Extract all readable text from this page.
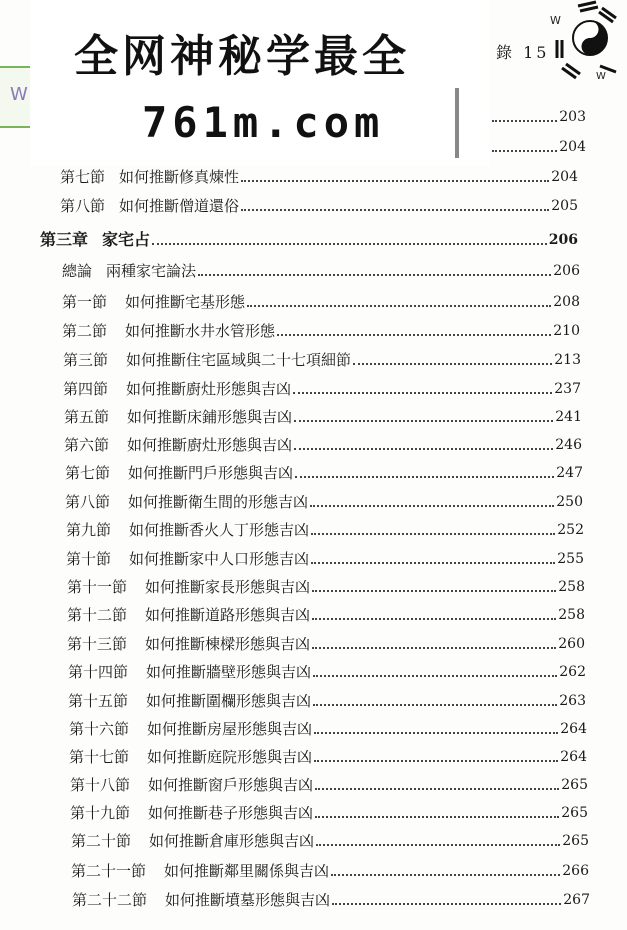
203
204
第七節 如何推斷修真煉性	204
第八節 如何推斷僧道還俗	205
第三章 家宅占	206
總論 兩種家宅論法	206
第一節 如何推斷宅基形態	208
第二節 如何推斷水井水管形態	210
第三節 如何推斷住宅區域與二十七項細節	213
第四節 如何推斷廚灶形態與吉凶	237
第五節 如何推斷床鋪形態與吉凶	241
第六節 如何推斷廚灶形態與吉凶	246
第七節 如何推斷門戶形態與吉凶	247
第八節 如何推斷衛生間的形態吉凶	250
第九節 如何推斷香火人丁形態吉凶	252
第十節 如何推斷家中人口形態吉凶	255
第十一節 如何推斷家長形態與吉凶	258
第十二節 如何推斷道路形態與吉凶	258
第十三節 如何推斷棟樑形態與吉凶	260
第十四節 如何推斷牆壁形態與吉凶	262
第十五節 如何推斷圍欄形態與吉凶	263
第十六節 如何推斷房屋形態與吉凶	264
第十七節 如何推斷庭院形態與吉凶	264
第十八節 如何推斷窗戶形態與吉凶	265
第十九節 如何推斷巷子形態與吉凶	265
第二十節 如何推斷倉庫形態與吉凶	265
第二十一節 如何推斷鄰里關係與吉凶	266
第二十二節 如何推斷墳墓形態與吉凶	267
W
全网神秘学最全
761m.com
錄 15
W
W
